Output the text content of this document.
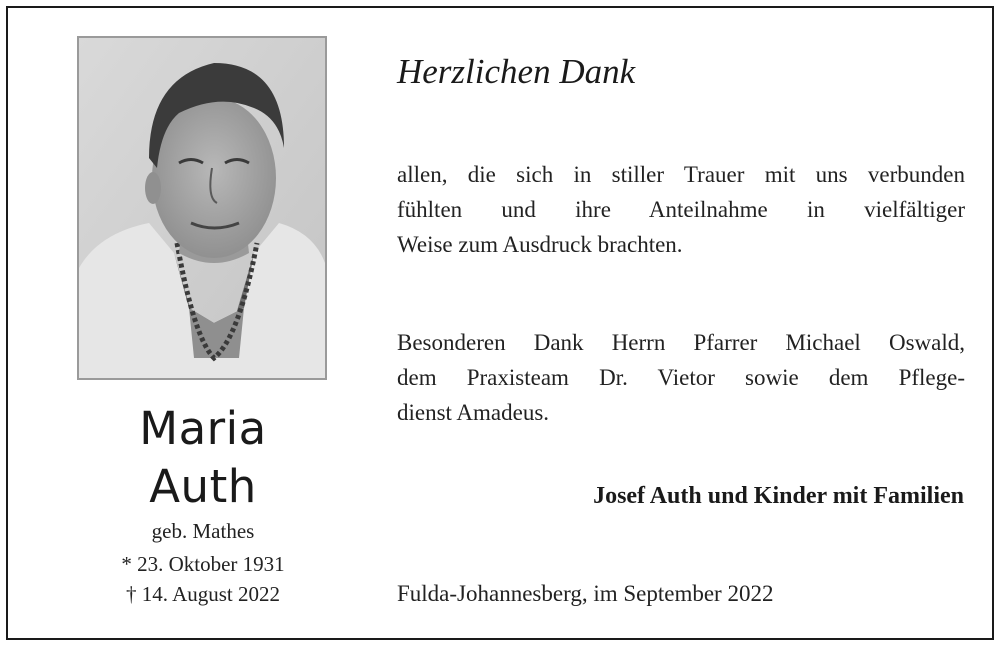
Maria
Auth
geb. Mathes
* 23. Oktober 1931
† 14. August 2022
Herzlichen Dank
allen, die sich in stiller Trauer mit uns verbunden
fühlten und ihre Anteilnahme in vielfältiger
Weise zum Ausdruck brachten.
Besonderen Dank Herrn Pfarrer Michael Oswald,
dem Praxisteam Dr. Vietor sowie dem Pflege-
dienst Amadeus.
Josef Auth und Kinder mit Familien
Fulda-Johannesberg, im September 2022
